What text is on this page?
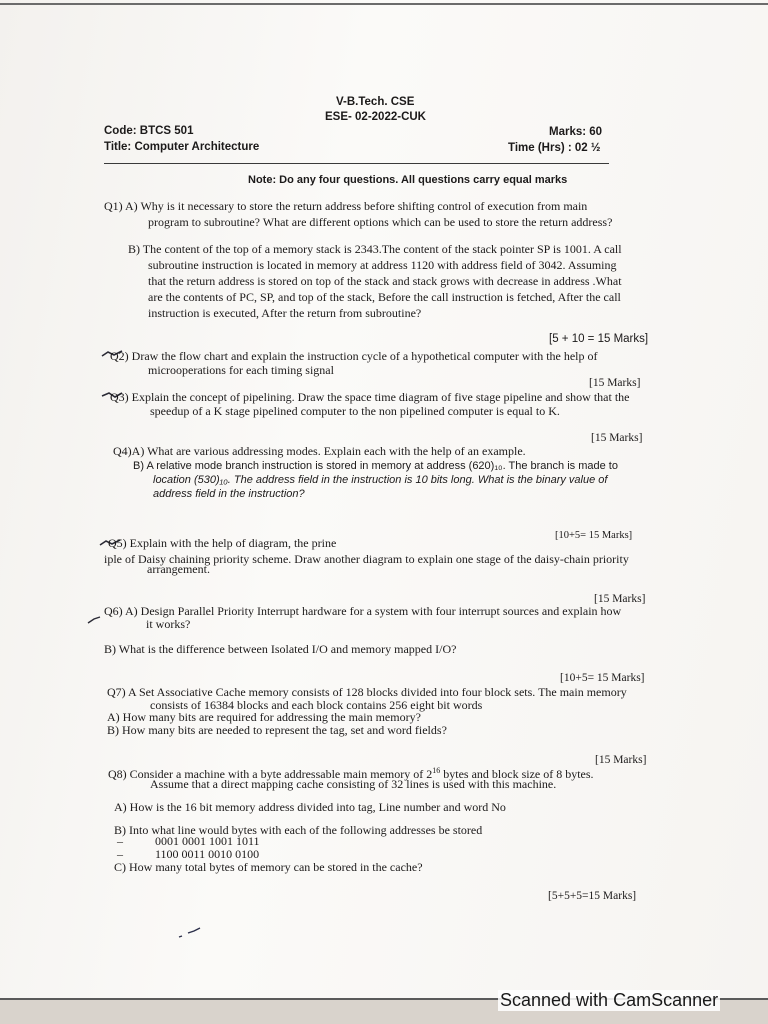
V-B.Tech. CSE
ESE- 02-2022-CUK
Code: BTCS 501	Marks: 60
Title: Computer Architecture	Time (Hrs) : 02 ½
Note: Do any four questions. All questions carry equal marks
Q1) A) Why is it necessary to store the return address before shifting control of execution from main
program to subroutine? What are different options which can be used to store the return address?
B) The content of the top of a memory stack is 2343.The content of the stack pointer SP is 1001. A call
subroutine instruction is located in memory at address 1120 with address field of 3042. Assuming
that the return address is stored on top of the stack and stack grows with decrease in address .What
are the contents of PC, SP, and top of the stack, Before the call instruction is fetched, After the call
instruction is executed, After the return from subroutine?
[5 + 10 = 15 Marks]
Q2) Draw the flow chart and explain the instruction cycle of a hypothetical computer with the help of
microoperations for each timing signal
[15 Marks]
Q3) Explain the concept of pipelining. Draw the space time diagram of five stage pipeline and show that the
speedup of a K stage pipelined computer to the non pipelined computer is equal to K.
[15 Marks]
Q4)A) What are various addressing modes. Explain each with the help of an example.
B) A relative mode branch instruction is stored in memory at address (620)₁₀. The branch is made to
location (530)₁₀. The address field in the instruction is 10 bits long. What is the binary value of
address field in the instruction?
[10+5= 15 Marks]
Q5) Explain with the help of diagram, the prine
iple of Daisy chaining priority scheme. Draw another diagram to explain one stage of the daisy-chain priority
arrangement.
[15 Marks]
Q6) A) Design Parallel Priority Interrupt hardware for a system with four interrupt sources and explain how
it works?
B) What is the difference between Isolated I/O and memory mapped I/O?
[10+5= 15 Marks]
Q7) A Set Associative Cache memory consists of 128 blocks divided into four block sets. The main memory
consists of 16384 blocks and each block contains 256 eight bit words
A) How many bits are required for addressing the main memory?
B) How many bits are needed to represent the tag, set and word fields?
[15 Marks]
Q8) Consider a machine with a byte addressable main memory of $2^{16}$ bytes and block size of 8 bytes.
Assume that a direct mapping cache consisting of 32 lines is used with this machine.
A) How is the 16 bit memory address divided into tag, Line number and word No
B) Into what line would bytes with each of the following addresses be stored
–	0001 0001 1001 1011
–	1100 0011 0010 0100
C) How many total bytes of memory can be stored in the cache?
[5+5+5=15 Marks]
Scanned with CamScanner
